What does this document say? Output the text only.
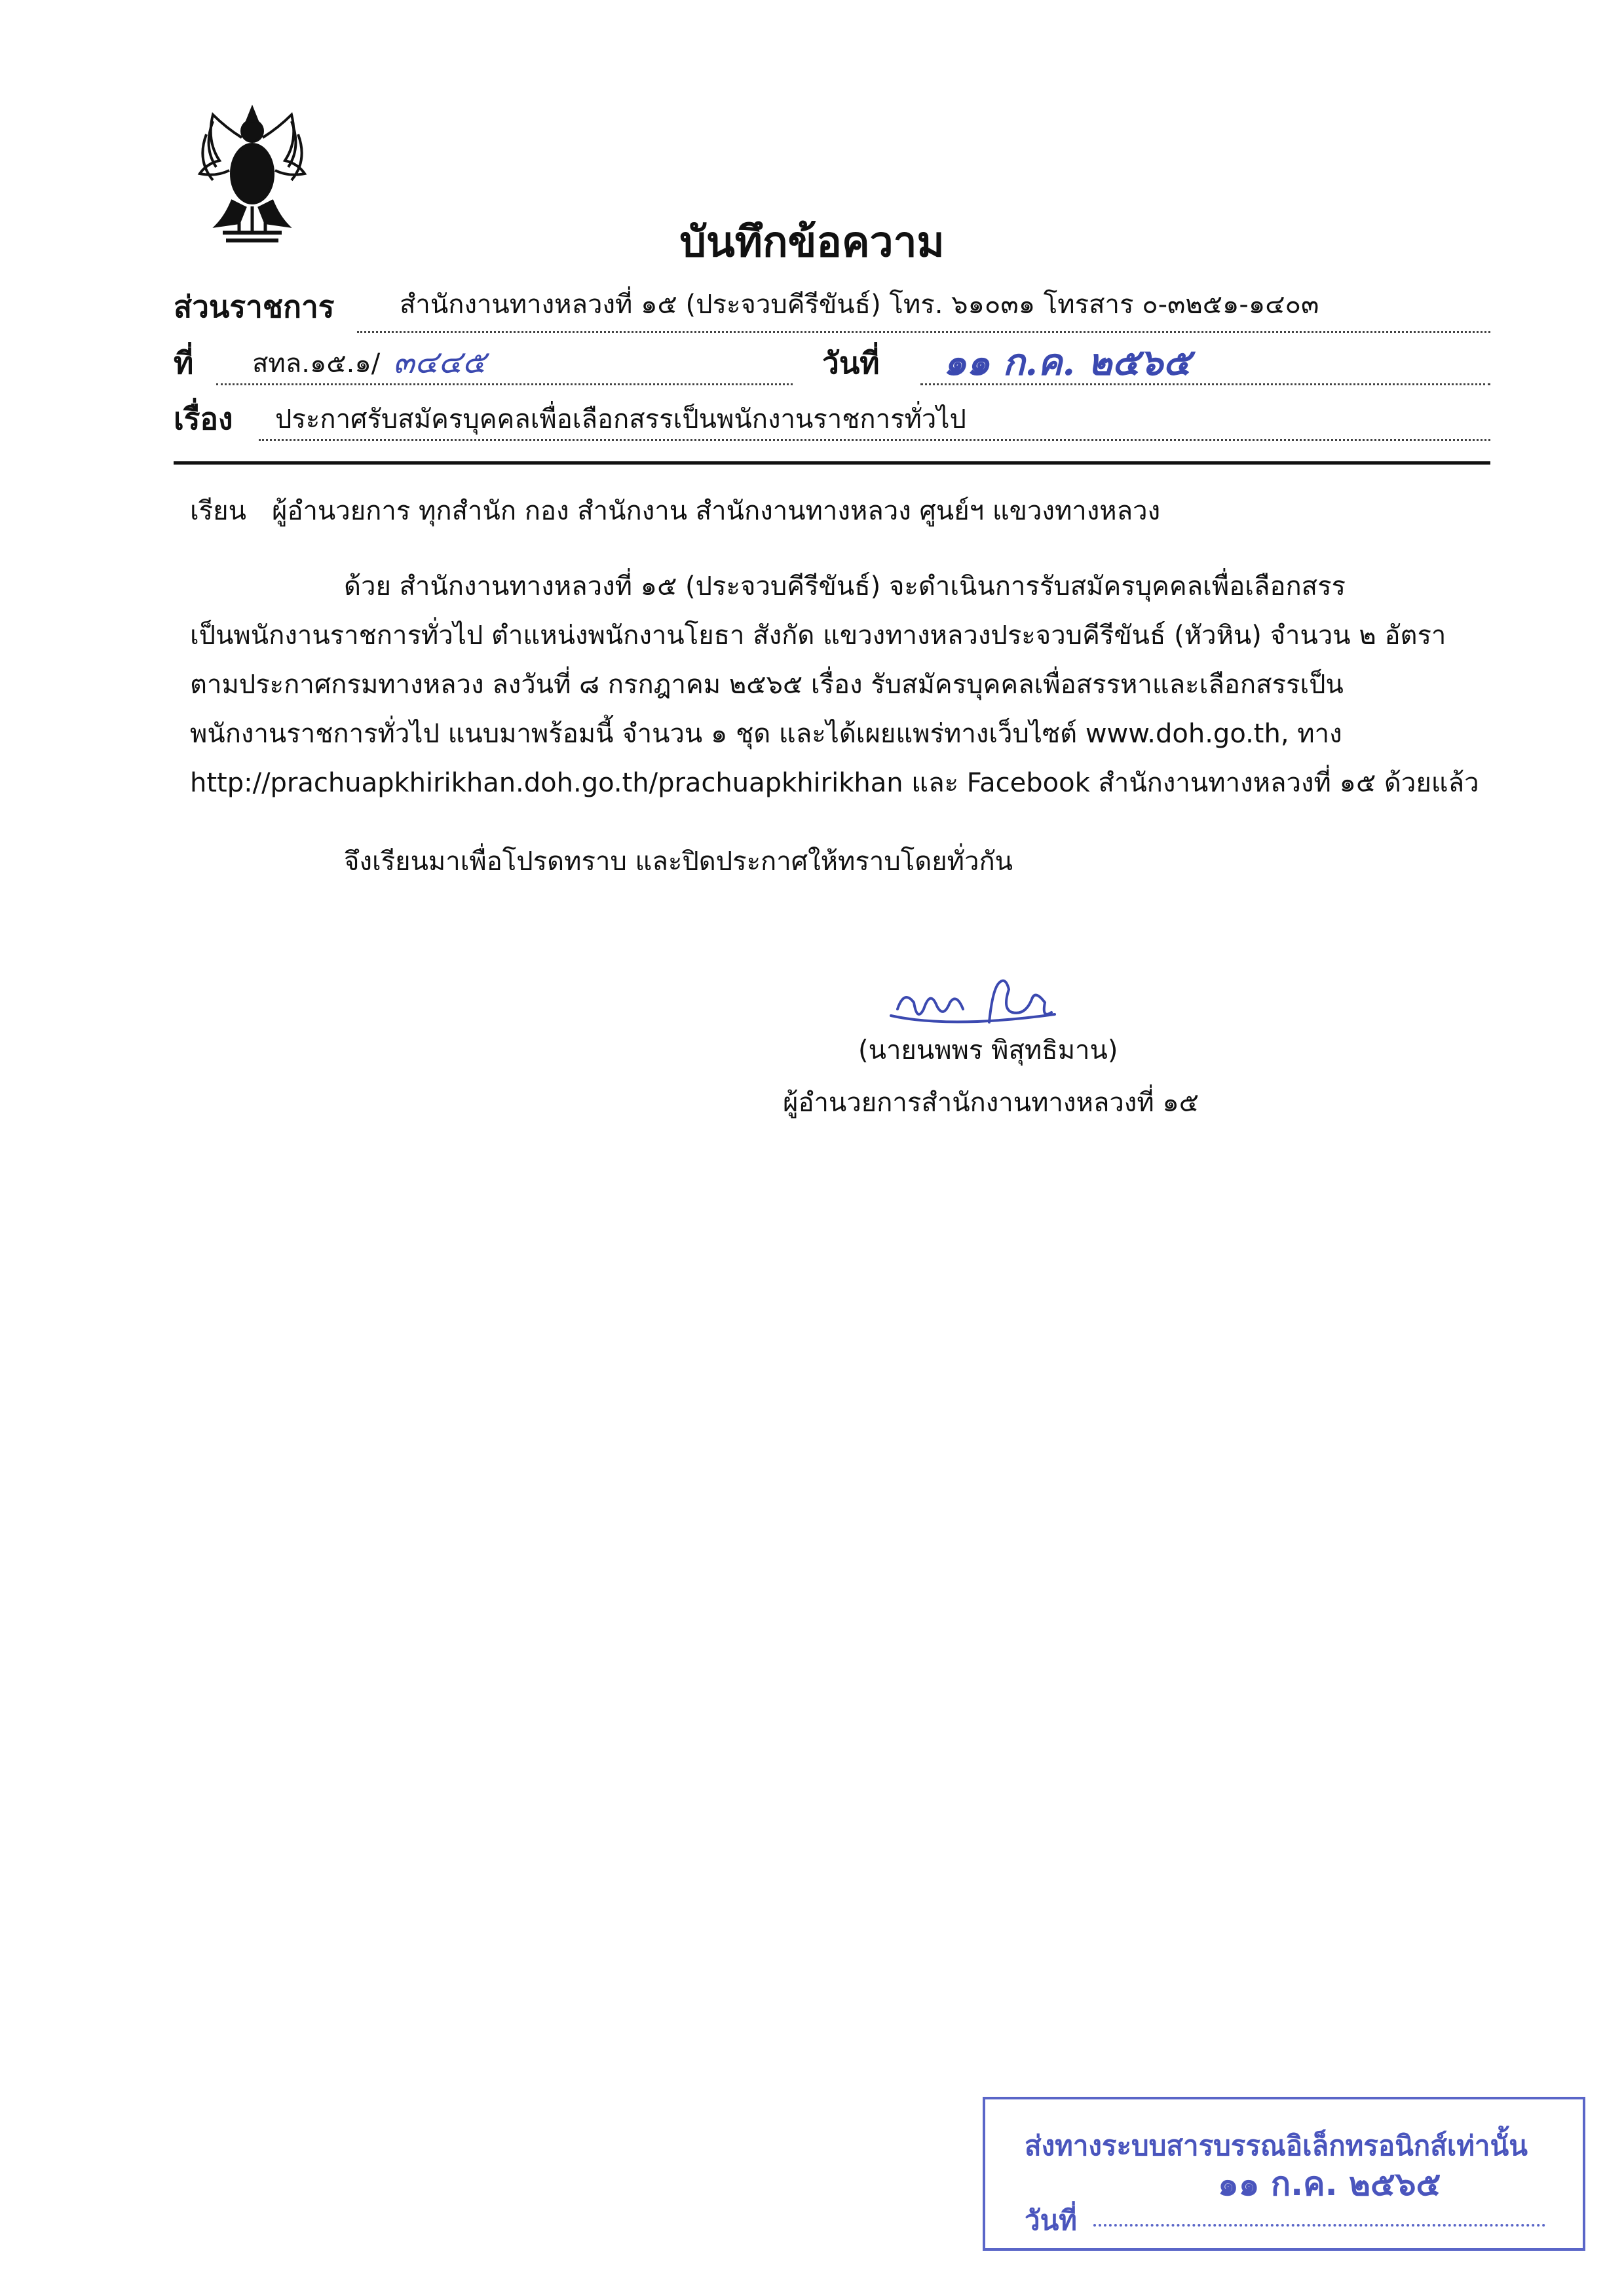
บันทึกข้อความ
ส่วนราชการ สำนักงานทางหลวงที่ ๑๕ (ประจวบคีรีขันธ์) โทร. ๖๑๐๓๑ โทรสาร ๐-๓๒๕๑-๑๔๐๓
ที่ สทล.๑๕.๑/ ๓๔๔๕	วันที่ ๑๑ ก.ค. ๒๕๖๕
เรื่อง ประกาศรับสมัครบุคคลเพื่อเลือกสรรเป็นพนักงานราชการทั่วไป
เรียน ผู้อำนวยการ ทุกสำนัก กอง สำนักงาน สำนักงานทางหลวง ศูนย์ฯ แขวงทางหลวง
ด้วย สำนักงานทางหลวงที่ ๑๕ (ประจวบคีรีขันธ์) จะดำเนินการรับสมัครบุคคลเพื่อเลือกสรร
เป็นพนักงานราชการทั่วไป ตำแหน่งพนักงานโยธา สังกัด แขวงทางหลวงประจวบคีรีขันธ์ (หัวหิน) จำนวน ๒ อัตรา
ตามประกาศกรมทางหลวง ลงวันที่ ๘ กรกฎาคม ๒๕๖๕ เรื่อง รับสมัครบุคคลเพื่อสรรหาและเลือกสรรเป็น
พนักงานราชการทั่วไป แนบมาพร้อมนี้ จำนวน ๑ ชุด และได้เผยแพร่ทางเว็บไซต์ www.doh.go.th, ทาง
http://prachuapkhirikhan.doh.go.th/prachuapkhirikhan และ Facebook สำนักงานทางหลวงที่ ๑๕ ด้วยแล้ว
จึงเรียนมาเพื่อโปรดทราบ และปิดประกาศให้ทราบโดยทั่วกัน
(นายนพพร พิสุทธิมาน)
ผู้อำนวยการสำนักงานทางหลวงที่ ๑๕
ส่งทางระบบสารบรรณอิเล็กทรอนิกส์เท่านั้น
๑๑ ก.ค. ๒๕๖๕
วันที่
